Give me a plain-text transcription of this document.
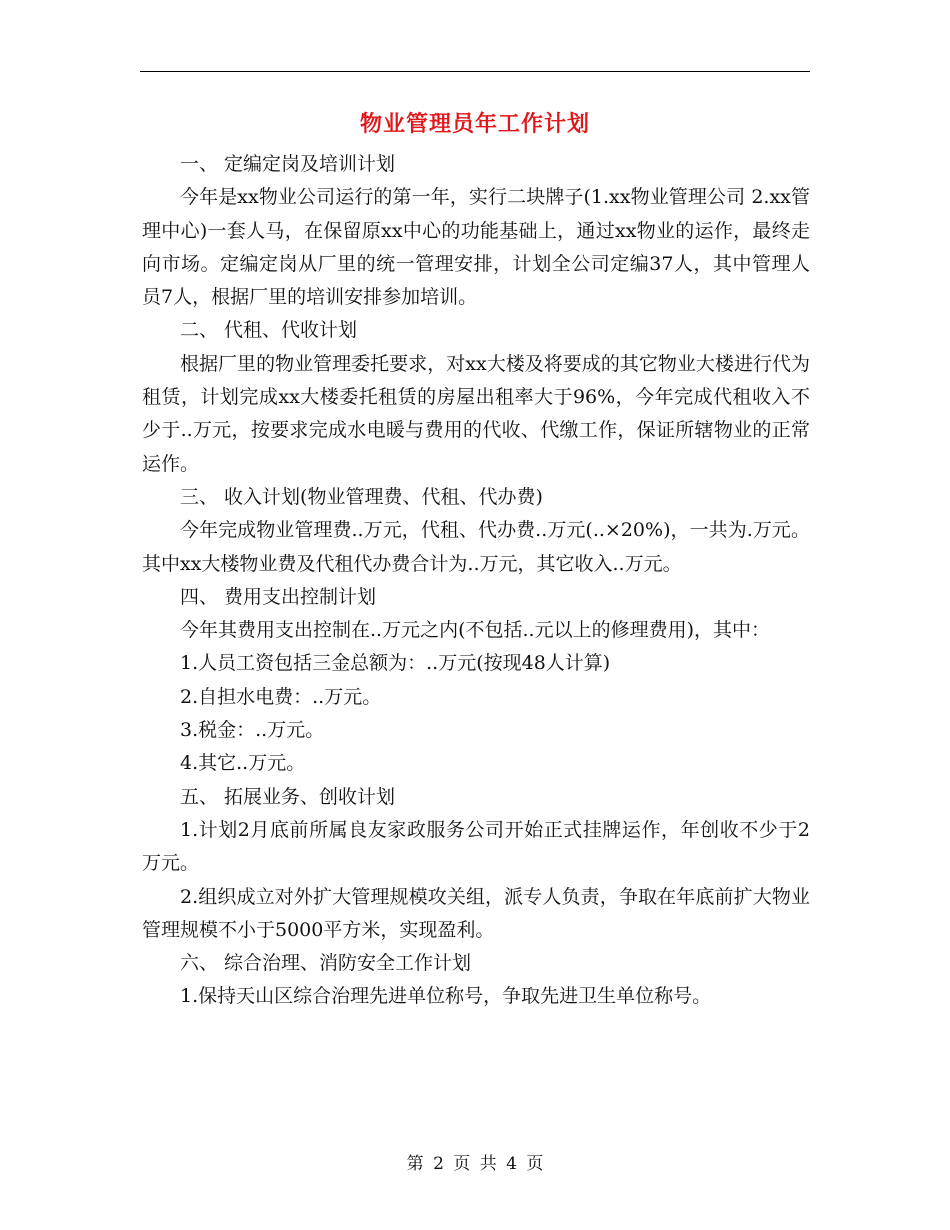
物业管理员年工作计划

一、 定编定岗及培训计划

今年是xx物业公司运行的第一年，实行二块牌子(1.xx物业管理公司 2.xx管理中心)一套人马，在保留原xx中心的功能基础上，通过xx物业的运作，最终走向市场。定编定岗从厂里的统一管理安排，计划全公司定编37人，其中管理人员7人，根据厂里的培训安排参加培训。

二、 代租、代收计划

根据厂里的物业管理委托要求，对xx大楼及将要成的其它物业大楼进行代为租赁，计划完成xx大楼委托租赁的房屋出租率大于96%，今年完成代租收入不少于..万元，按要求完成水电暖与费用的代收、代缴工作，保证所辖物业的正常运作。

三、 收入计划(物业管理费、代租、代办费)

今年完成物业管理费..万元，代租、代办费..万元(..×20%)，一共为.万元。其中xx大楼物业费及代租代办费合计为..万元，其它收入..万元。

四、 费用支出控制计划

今年其费用支出控制在..万元之内(不包括..元以上的修理费用)，其中：

1.人员工资包括三金总额为：..万元(按现48人计算)

2.自担水电费：..万元。

3.税金：..万元。

4.其它..万元。

五、 拓展业务、创收计划

1.计划2月底前所属良友家政服务公司开始正式挂牌运作，年创收不少于2万元。

2.组织成立对外扩大管理规模攻关组，派专人负责，争取在年底前扩大物业管理规模不小于5000平方米，实现盈利。

六、 综合治理、消防安全工作计划

1.保持天山区综合治理先进单位称号，争取先进卫生单位称号。

第 2 页 共 4 页
